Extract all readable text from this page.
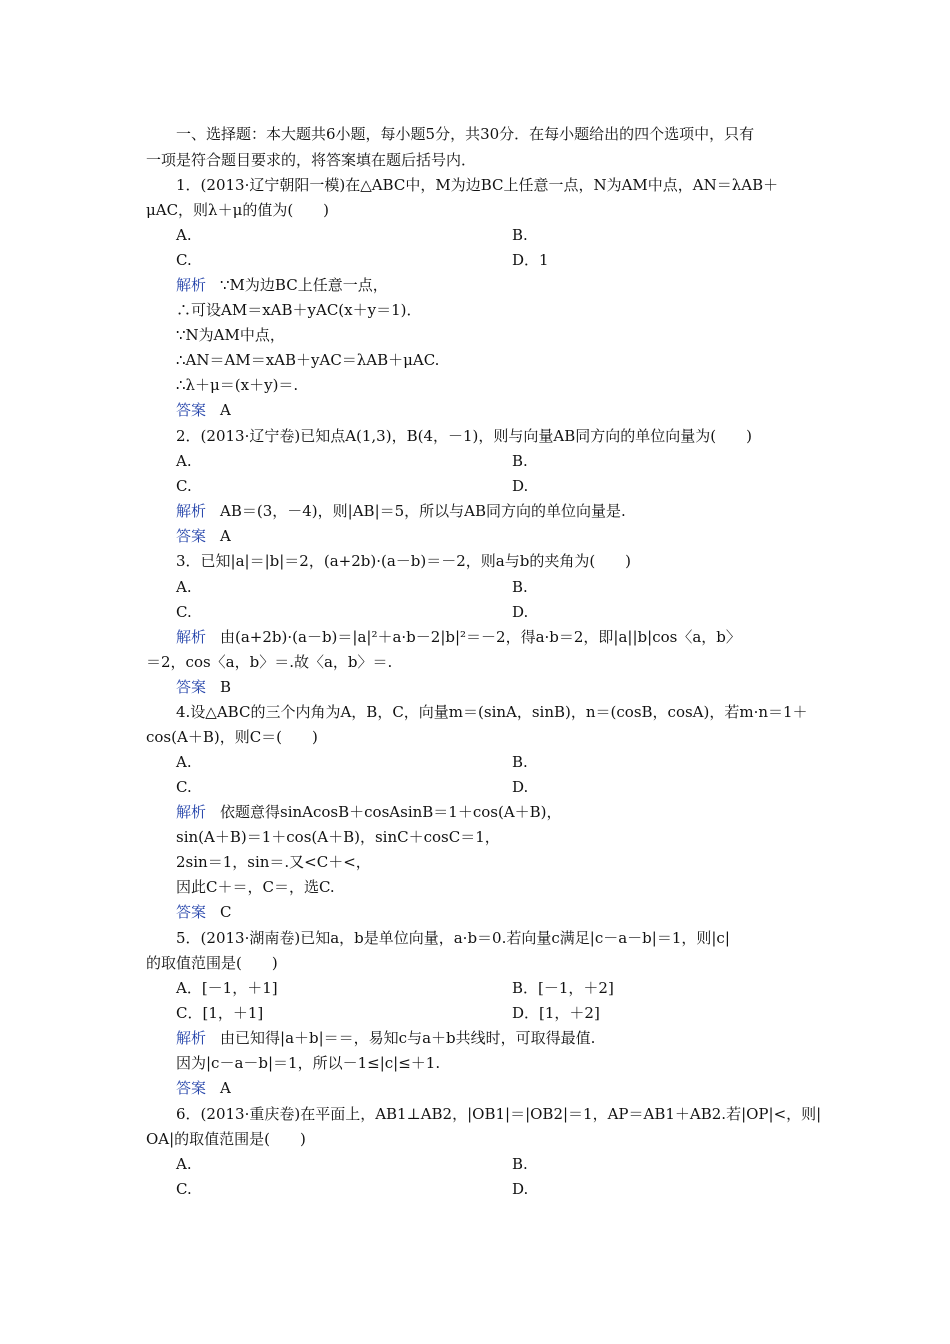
一、选择题：本大题共6小题，每小题5分，共30分．在每小题给出的四个选项中，只有
一项是符合题目要求的，将答案填在题后括号内．
1．(2013·辽宁朝阳一模)在△ABC中，M为边BC上任意一点，N为AM中点，AN＝λAB＋
μAC，则λ＋μ的值为(　　)
A.	B.
C.	D．1
解析 ∵M为边BC上任意一点，
∴可设AM＝xAB＋yAC(x＋y＝1)．
∵N为AM中点，
∴AN＝AM＝xAB＋yAC＝λAB＋μAC.
∴λ＋μ＝(x＋y)＝.
答案 A
2．(2013·辽宁卷)已知点A(1,3)，B(4，－1)，则与向量AB同方向的单位向量为(　　)
A.	B.
C.	D.
解析 AB＝(3，－4)，则|AB|＝5，所以与AB同方向的单位向量是.
答案 A
3．已知|a|＝|b|＝2，(a+2b)·(a－b)＝－2，则a与b的夹角为(　　)
A.	B.
C.	D.
解析 由(a+2b)·(a－b)＝|a|²＋a·b－2|b|²＝－2，得a·b＝2，即|a||b|cos〈a，b〉
＝2，cos〈a，b〉＝.故〈a，b〉＝.
答案 B
4.设△ABC的三个内角为A，B，C，向量m＝(sinA，sinB)，n＝(cosB，cosA)，若m·n＝1＋
cos(A＋B)，则C＝(　　)
A.	B.
C.	D.
解析 依题意得sinAcosB＋cosAsinB＝1＋cos(A＋B)，
sin(A＋B)＝1＋cos(A＋B)，sinC＋cosC＝1，
2sin＝1，sin＝.又<C＋<，
因此C＋＝，C＝，选C.
答案 C
5．(2013·湖南卷)已知a，b是单位向量，a·b＝0.若向量c满足|c－a－b|＝1，则|c|
的取值范围是(　　)
A．[－1，＋1]	B．[－1，＋2]
C．[1，＋1]	D．[1，＋2]
解析 由已知得|a＋b|＝＝，易知c与a＋b共线时，可取得最值.
因为|c－a－b|＝1，所以－1≤|c|≤＋1.
答案 A
6．(2013·重庆卷)在平面上，AB1⊥AB2，|OB1|＝|OB2|＝1，AP＝AB1＋AB2.若|OP|<，则|
OA|的取值范围是(　　)
A.	B.
C.	D.
